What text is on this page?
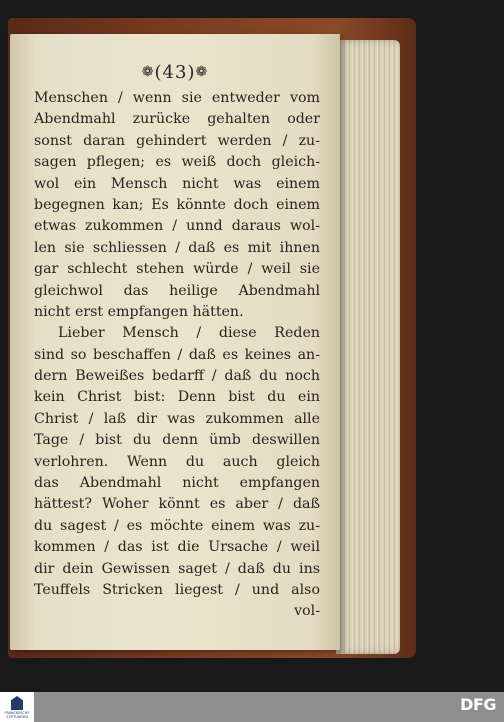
❁(43)❁
Menschen / wenn sie entweder vom
Abendmahl zurücke gehalten oder
sonst daran gehindert werden / zu-
sagen pflegen; es weiß doch gleich-
wol ein Mensch nicht was einem
begegnen kan; Es könnte doch einem
etwas zukommen / unnd daraus wol-
len sie schliessen / daß es mit ihnen
gar schlecht stehen würde / weil sie
gleichwol das heilige Abendmahl
nicht erst empfangen hätten.
Lieber Mensch / diese Reden
sind so beschaffen / daß es keines an-
dern Beweißes bedarff / daß du noch
kein Christ bist: Denn bist du ein
Christ / laß dir was zukommen alle
Tage / bist du denn ümb deswillen
verlohren. Wenn du auch gleich
das Abendmahl nicht empfangen
hättest? Woher könnt es aber / daß
du sagest / es möchte einem was zu-
kommen / das ist die Ursache / weil
dir dein Gewissen saget / daß du ins
Teuffels Stricken liegest / und also
vol-
FRANCKESCHE STIFTUNGEN
DFG
